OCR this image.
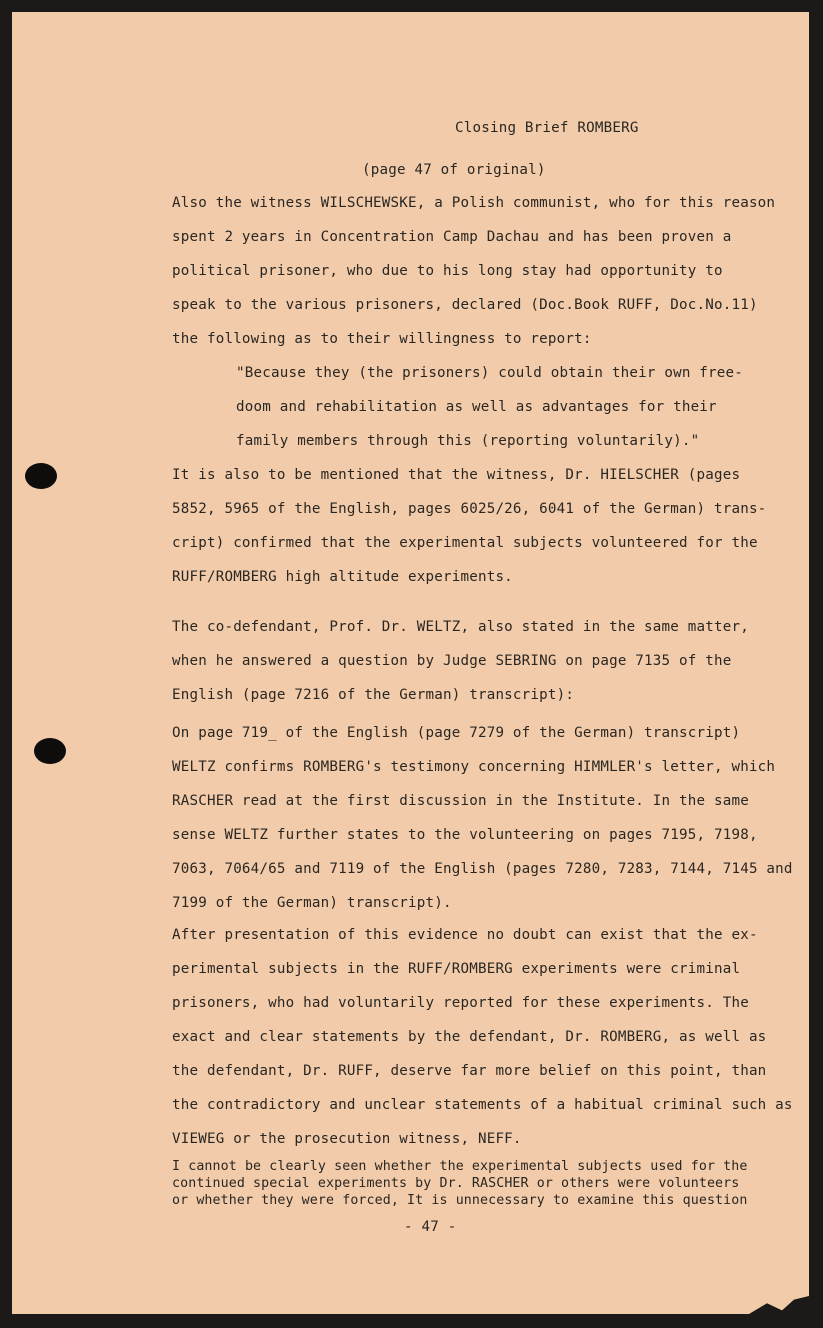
Closing Brief ROMBERG
(page 47 of original)
Also the witness WILSCHEWSKE, a Polish communist, who for this reason
spent 2 years in Concentration Camp Dachau and has been proven a
political prisoner, who due to his long stay had opportunity to
speak to the various prisoners, declared (Doc.Book RUFF, Doc.No.11)
the following as to their willingness to report:
"Because they (the prisoners) could obtain their own free-
doom and rehabilitation as well as advantages for their
family members through this (reporting voluntarily)."
It is also to be mentioned that the witness, Dr. HIELSCHER (pages
5852, 5965 of the English, pages 6025/26, 6041 of the German) trans-
cript) confirmed that the experimental subjects volunteered for the
RUFF/ROMBERG high altitude experiments.
The co-defendant, Prof. Dr. WELTZ, also stated in the same matter,
when he answered a question by Judge SEBRING on page 7135 of the
English (page 7216 of the German) transcript):
On page 719_ of the English (page 7279 of the German) transcript)
WELTZ confirms ROMBERG's testimony concerning HIMMLER's letter, which
RASCHER read at the first discussion in the Institute. In the same
sense WELTZ further states to the volunteering on pages 7195, 7198,
7063, 7064/65 and 7119 of the English (pages 7280, 7283, 7144, 7145 and
7199 of the German) transcript).
After presentation of this evidence no doubt can exist that the ex-
perimental subjects in the RUFF/ROMBERG experiments were criminal
prisoners, who had voluntarily reported for these experiments. The
exact and clear statements by the defendant, Dr. ROMBERG, as well as
the defendant, Dr. RUFF, deserve far more belief on this point, than
the contradictory and unclear statements of a habitual criminal such as
VIEWEG or the prosecution witness, NEFF.
I cannot be clearly seen whether the experimental subjects used for the
continued special experiments by Dr. RASCHER or others were volunteers
or whether they were forced, It is unnecessary to examine this question
- 47 -
